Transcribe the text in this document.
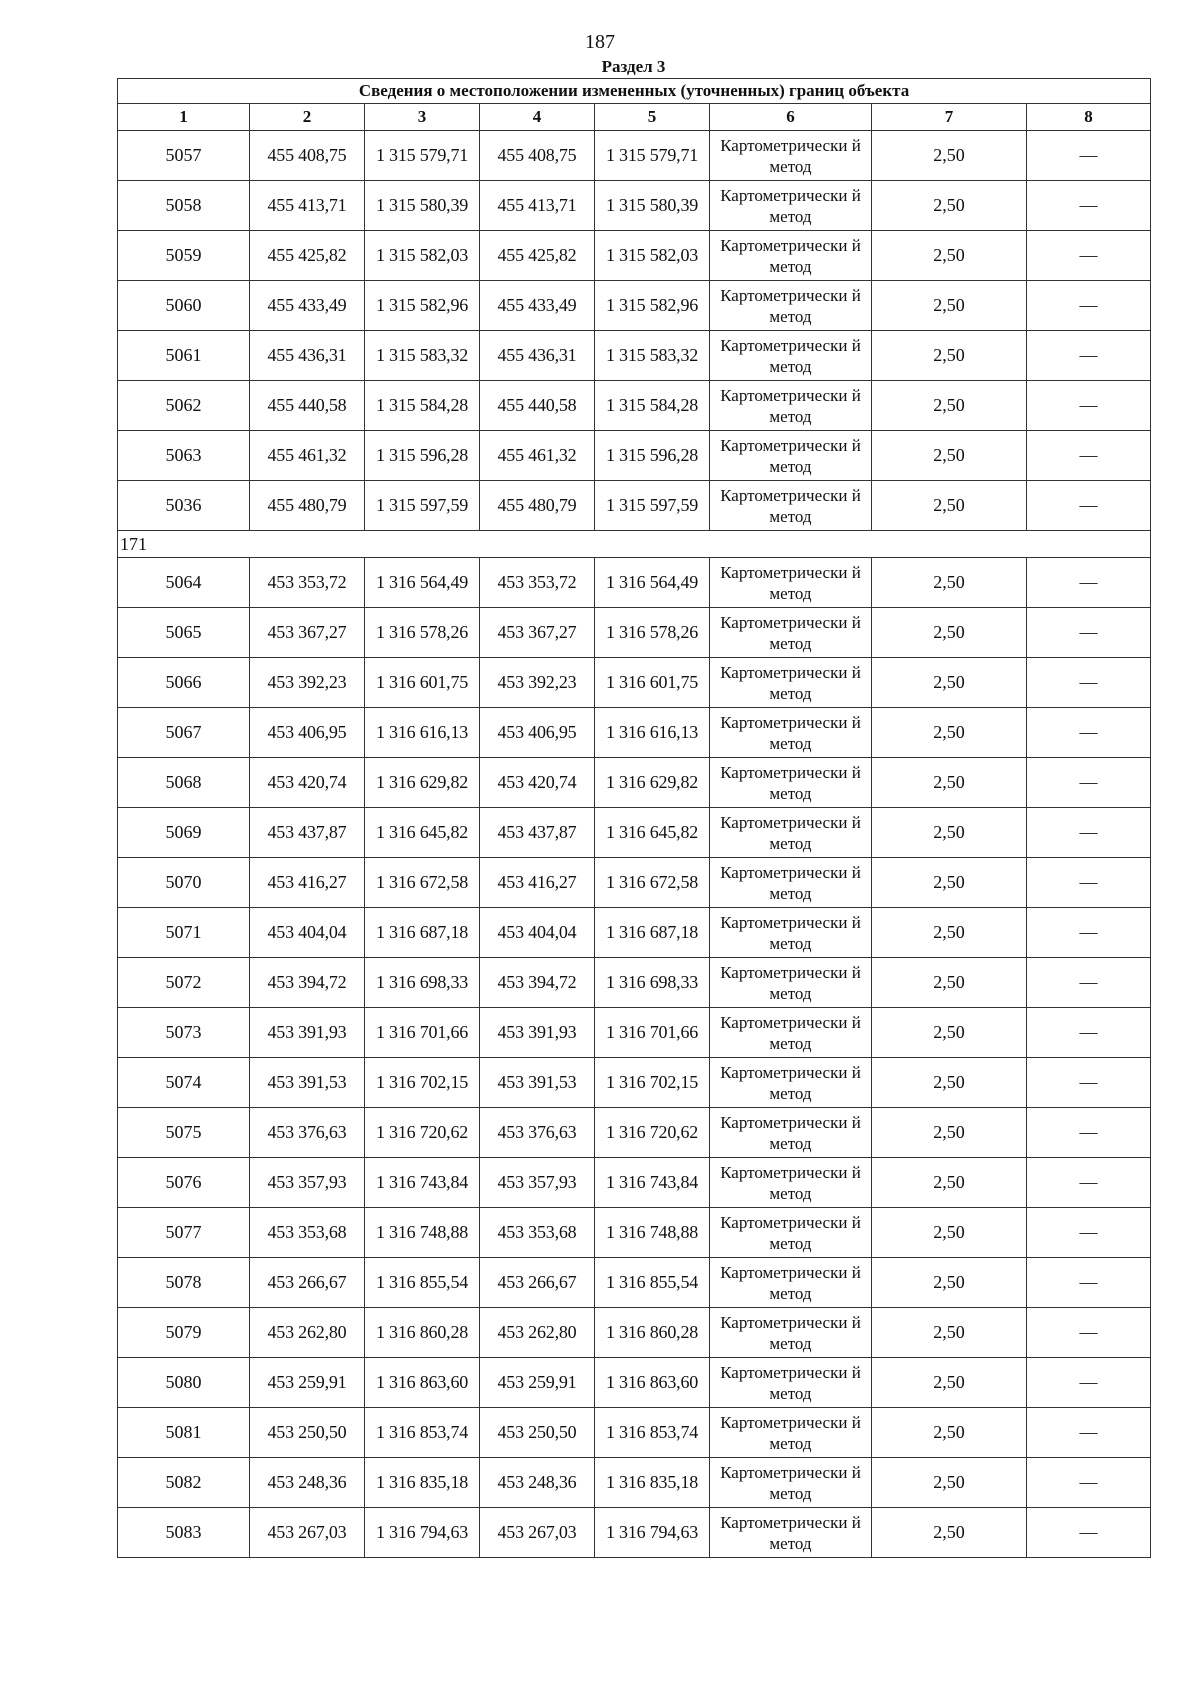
187
Раздел 3
Сведения о местоположении измененных (уточненных) границ объекта							
1	2	3	4	5	6	7	8
5057	455 408,75	1 315 579,71	455 408,75	1 315 579,71	Картометрически й метод	2,50	—
5058	455 413,71	1 315 580,39	455 413,71	1 315 580,39	Картометрически й метод	2,50	—
5059	455 425,82	1 315 582,03	455 425,82	1 315 582,03	Картометрически й метод	2,50	—
5060	455 433,49	1 315 582,96	455 433,49	1 315 582,96	Картометрически й метод	2,50	—
5061	455 436,31	1 315 583,32	455 436,31	1 315 583,32	Картометрически й метод	2,50	—
5062	455 440,58	1 315 584,28	455 440,58	1 315 584,28	Картометрически й метод	2,50	—
5063	455 461,32	1 315 596,28	455 461,32	1 315 596,28	Картометрически й метод	2,50	—
5036	455 480,79	1 315 597,59	455 480,79	1 315 597,59	Картометрически й метод	2,50	—
171							
5064	453 353,72	1 316 564,49	453 353,72	1 316 564,49	Картометрически й метод	2,50	—
5065	453 367,27	1 316 578,26	453 367,27	1 316 578,26	Картометрически й метод	2,50	—
5066	453 392,23	1 316 601,75	453 392,23	1 316 601,75	Картометрически й метод	2,50	—
5067	453 406,95	1 316 616,13	453 406,95	1 316 616,13	Картометрически й метод	2,50	—
5068	453 420,74	1 316 629,82	453 420,74	1 316 629,82	Картометрически й метод	2,50	—
5069	453 437,87	1 316 645,82	453 437,87	1 316 645,82	Картометрически й метод	2,50	—
5070	453 416,27	1 316 672,58	453 416,27	1 316 672,58	Картометрически й метод	2,50	—
5071	453 404,04	1 316 687,18	453 404,04	1 316 687,18	Картометрически й метод	2,50	—
5072	453 394,72	1 316 698,33	453 394,72	1 316 698,33	Картометрически й метод	2,50	—
5073	453 391,93	1 316 701,66	453 391,93	1 316 701,66	Картометрически й метод	2,50	—
5074	453 391,53	1 316 702,15	453 391,53	1 316 702,15	Картометрически й метод	2,50	—
5075	453 376,63	1 316 720,62	453 376,63	1 316 720,62	Картометрически й метод	2,50	—
5076	453 357,93	1 316 743,84	453 357,93	1 316 743,84	Картометрически й метод	2,50	—
5077	453 353,68	1 316 748,88	453 353,68	1 316 748,88	Картометрически й метод	2,50	—
5078	453 266,67	1 316 855,54	453 266,67	1 316 855,54	Картометрически й метод	2,50	—
5079	453 262,80	1 316 860,28	453 262,80	1 316 860,28	Картометрически й метод	2,50	—
5080	453 259,91	1 316 863,60	453 259,91	1 316 863,60	Картометрически й метод	2,50	—
5081	453 250,50	1 316 853,74	453 250,50	1 316 853,74	Картометрически й метод	2,50	—
5082	453 248,36	1 316 835,18	453 248,36	1 316 835,18	Картометрически й метод	2,50	—
5083	453 267,03	1 316 794,63	453 267,03	1 316 794,63	Картометрически й метод	2,50	—
